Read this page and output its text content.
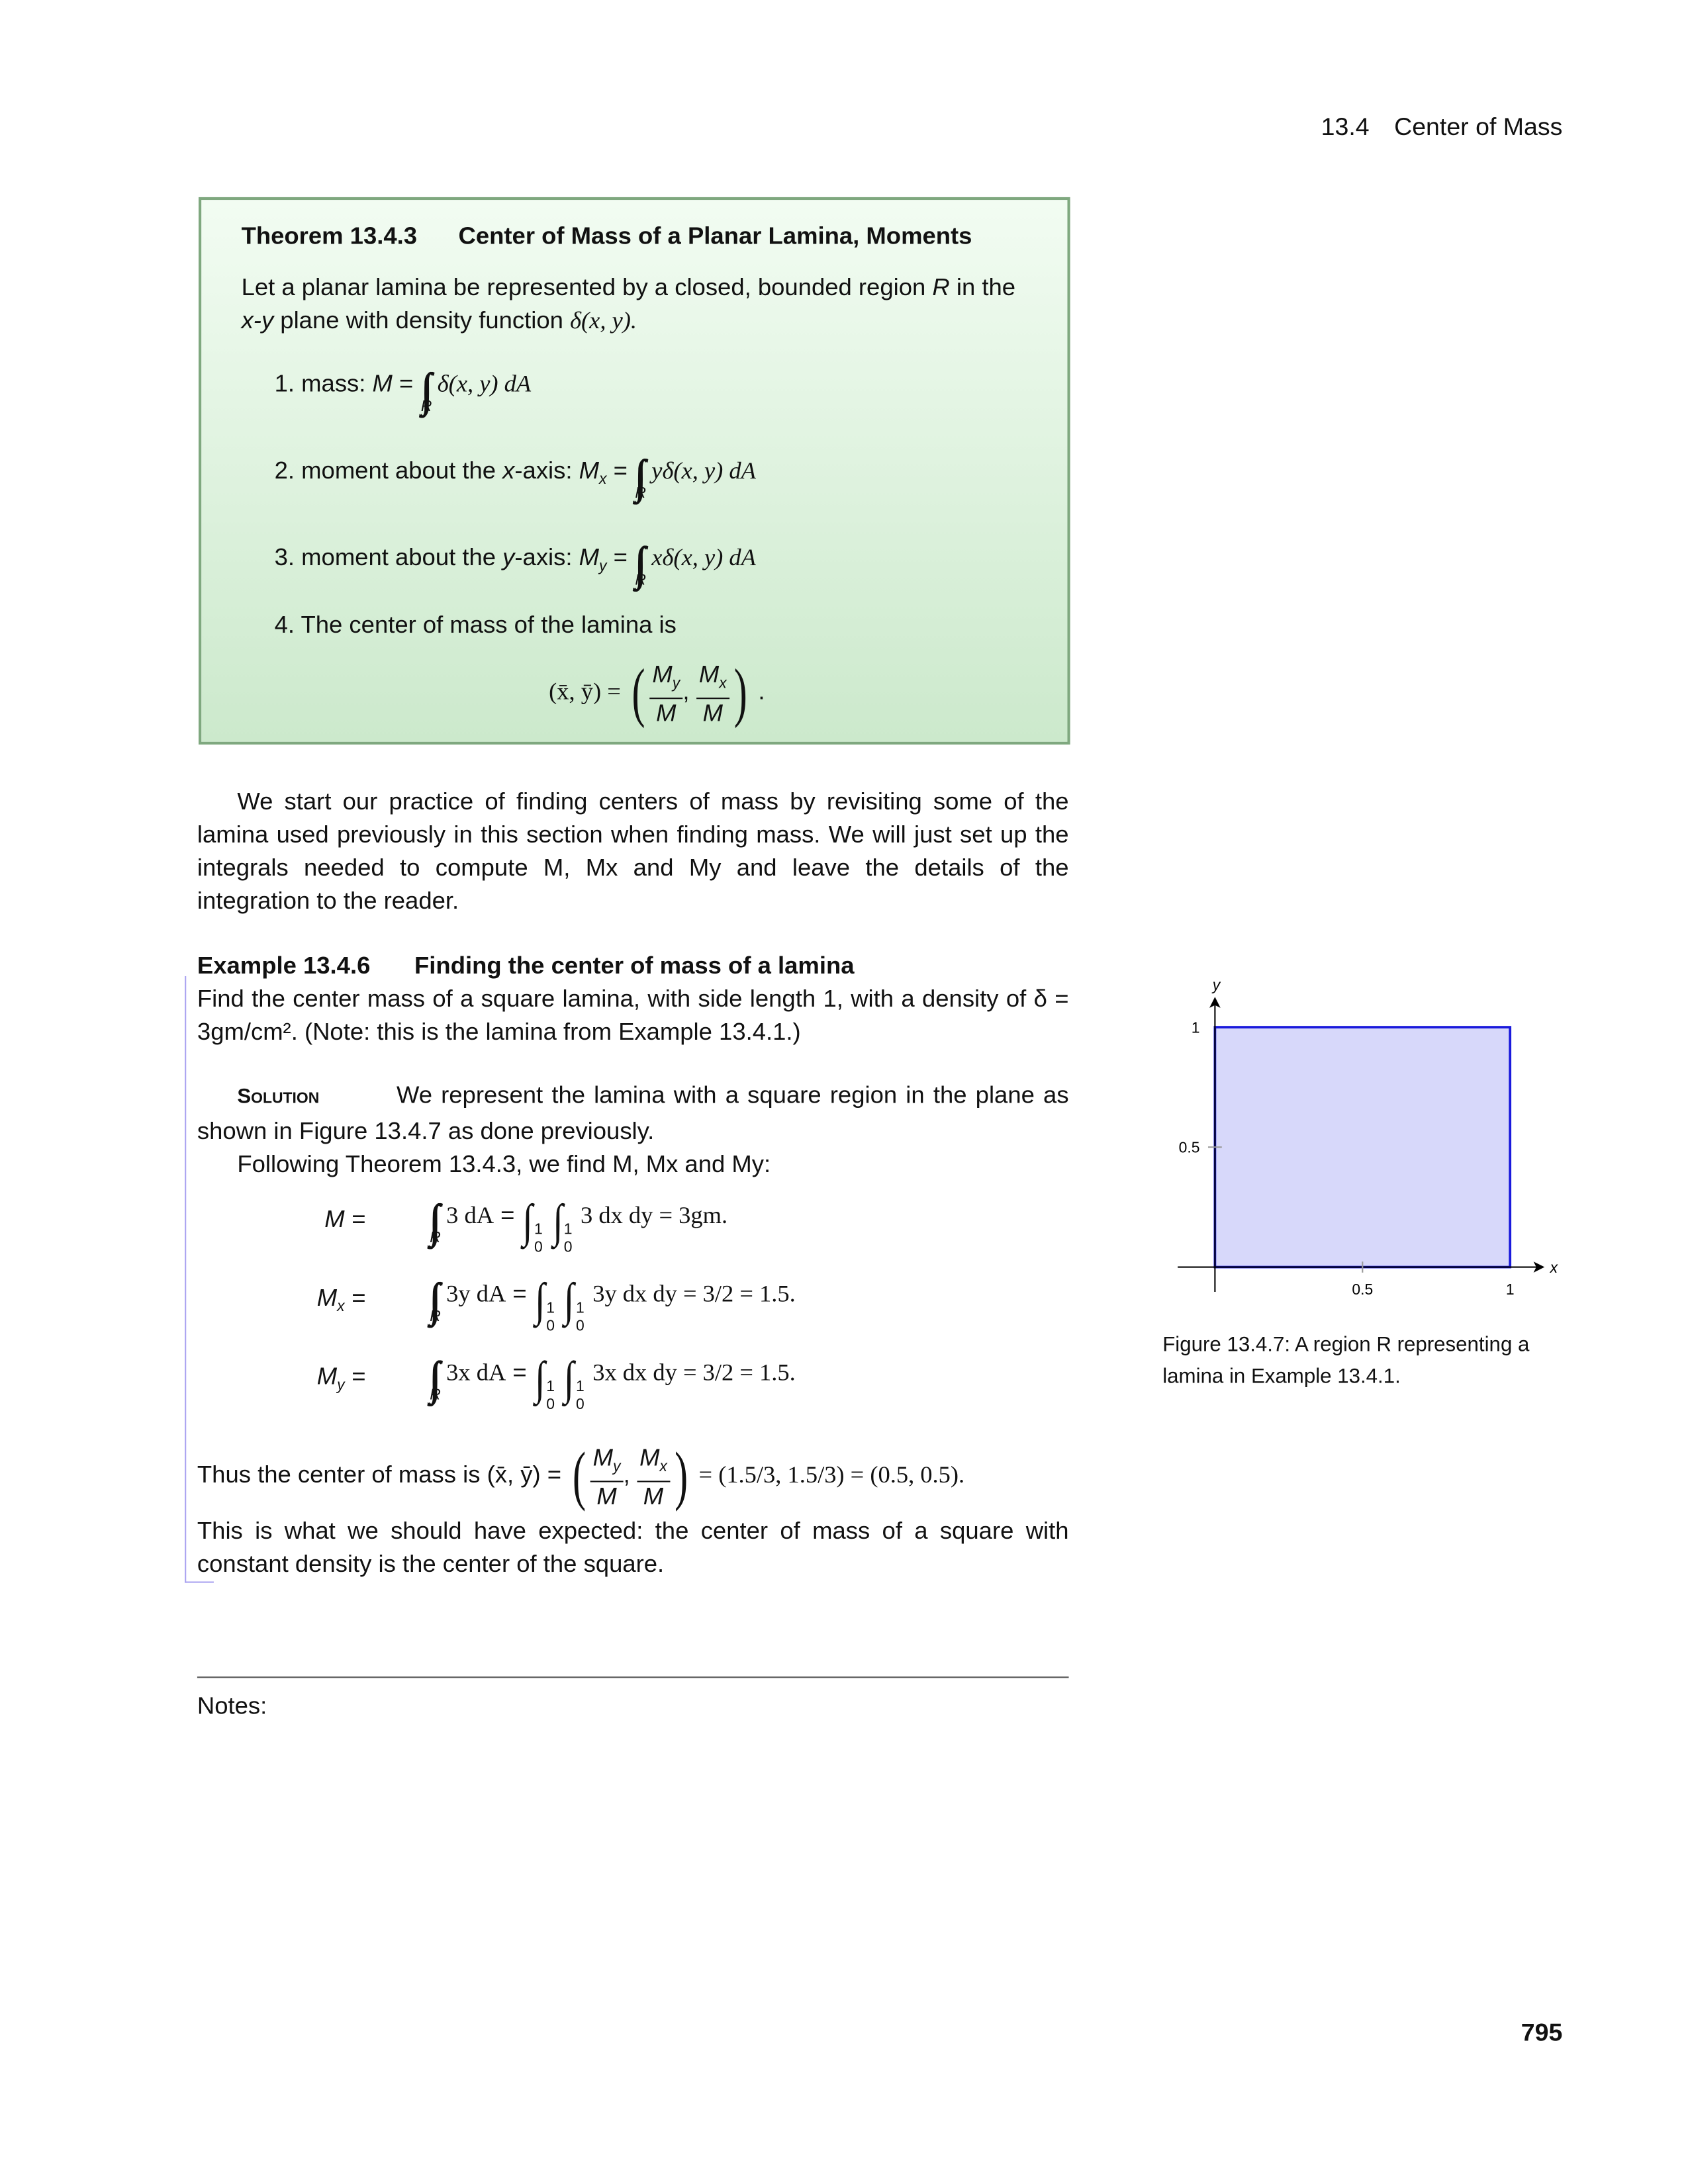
13.4 Center of Mass
Theorem 13.4.3	Center of Mass of a Planar Lamina, Moments
Let a planar lamina be represented by a closed, bounded region R in the
x-y plane with density function δ(x, y).
1. mass: $M = \int\int_R\delta(x$, y) dA
2. moment about the x-axis: $M_x = \int\int_Ry\delta(x$, y) dA
3. moment about the y-axis: $M_y = \int\int_Rx\delta(x$, y) dA
4. The center of mass of the lamina is
(x̄, ȳ) = ( $\frac{M_y}{M}$ , $\frac{M_x}{M}$ ) .
We start our practice of finding centers of mass by revisiting some of the lamina used previously in this section when finding mass. We will just set up the integrals needed to compute M, Mx and My and leave the details of the integration to the reader.
Example 13.4.6	Finding the center of mass of a lamina
Find the center mass of a square lamina, with side length 1, with a density of δ = 3gm/cm². (Note: this is the lamina from Example 13.4.1.)
Solution	We represent the lamina with a square region in the plane as shown in Figure 13.4.7 as done previously.
Following Theorem 13.4.3, we find M, Mx and My:
M =	$\int\int_R3$ dA = ∫ 1
0 ∫ 1
0
3 dx dy = 3gm.
$M_x$ =	$\int\int_R3y$ dA = ∫ 1
0 ∫ 1
0
3y dx dy = 3/2 = 1.5.
$M_y$ =	$\int\int_R3x$ dA = ∫ 1
0 ∫ 1
0
3x dx dy = 3/2 = 1.5.
Thus the center of mass is (x̄, ȳ) = ( $\frac{M_y}{M}$ , $\frac{M_x}{M}$ ) = (1.5/3, 1.5/3) = (0.5, 0.5).
This is what we should have expected: the center of mass of a square with constant density is the center of the square.
0.5	1
0.5
1
x
y
Figure 13.4.7: A region R representing a lamina in Example 13.4.1.
Notes:
795
